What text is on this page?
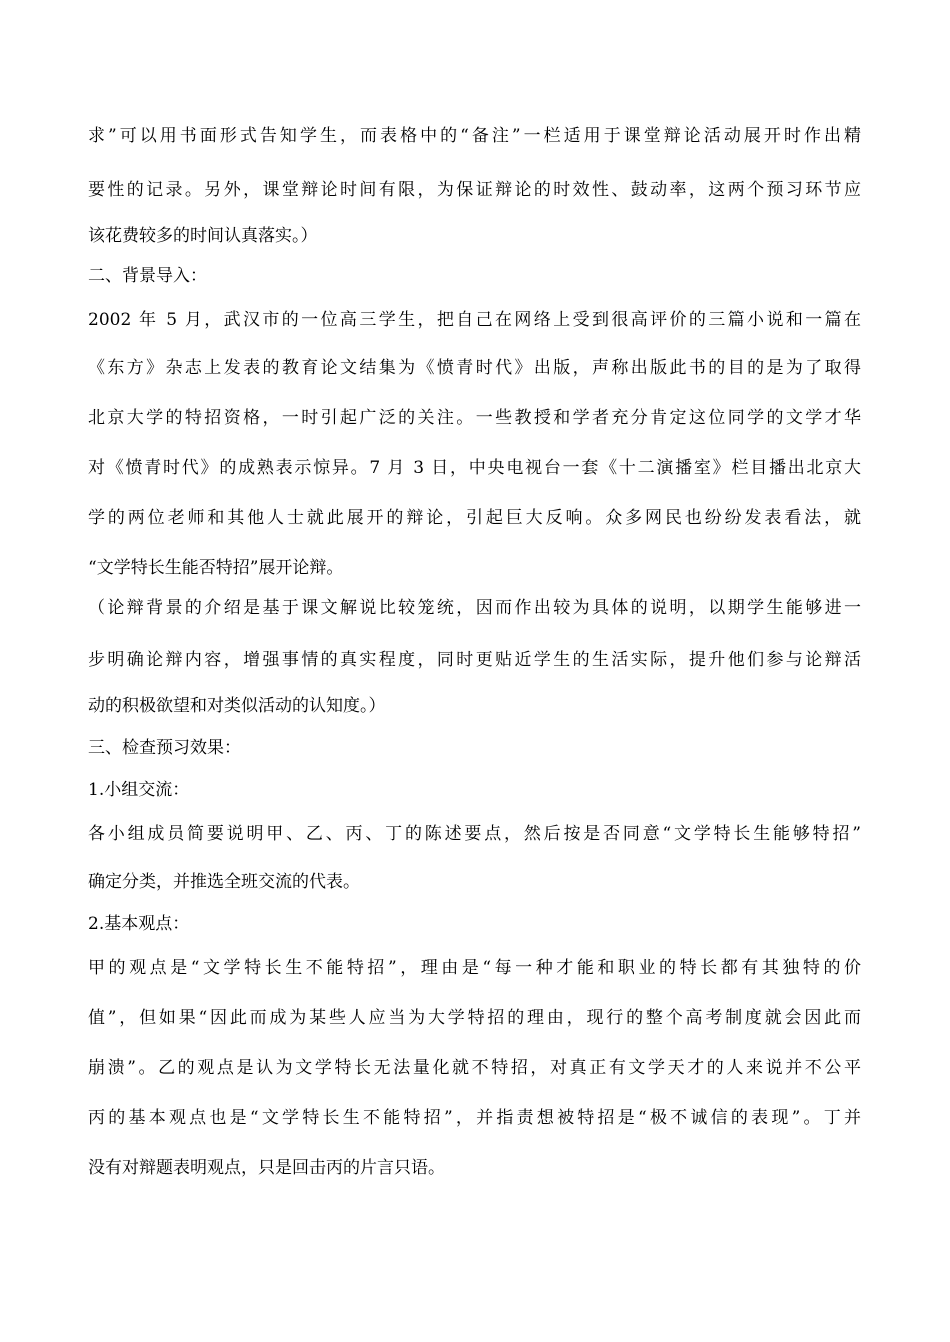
求”可以用书面形式告知学生，而表格中的“备注”一栏适用于课堂辩论活动展开时作出精
要性的记录。另外，课堂辩论时间有限，为保证辩论的时效性、鼓动率，这两个预习环节应
该花费较多的时间认真落实。）
二、背景导入：
2002 年 5 月，武汉市的一位高三学生，把自己在网络上受到很高评价的三篇小说和一篇在
《东方》杂志上发表的教育论文结集为《愤青时代》出版，声称出版此书的目的是为了取得
北京大学的特招资格，一时引起广泛的关注。一些教授和学者充分肯定这位同学的文学才华
对《愤青时代》的成熟表示惊异。7 月 3 日，中央电视台一套《十二演播室》栏目播出北京大
学的两位老师和其他人士就此展开的辩论，引起巨大反响。众多网民也纷纷发表看法，就
“文学特长生能否特招”展开论辩。
（论辩背景的介绍是基于课文解说比较笼统，因而作出较为具体的说明，以期学生能够进一
步明确论辩内容，增强事情的真实程度，同时更贴近学生的生活实际，提升他们参与论辩活
动的积极欲望和对类似活动的认知度。）
三、检查预习效果：
1.小组交流：
各小组成员简要说明甲、乙、丙、丁的陈述要点，然后按是否同意“文学特长生能够特招”
确定分类，并推选全班交流的代表。
2.基本观点：
甲的观点是“文学特长生不能特招”，理由是“每一种才能和职业的特长都有其独特的价
值”，但如果“因此而成为某些人应当为大学特招的理由，现行的整个高考制度就会因此而
崩溃”。乙的观点是认为文学特长无法量化就不特招，对真正有文学天才的人来说并不公平
丙的基本观点也是“文学特长生不能特招”，并指责想被特招是“极不诚信的表现”。丁并
没有对辩题表明观点，只是回击丙的片言只语。
